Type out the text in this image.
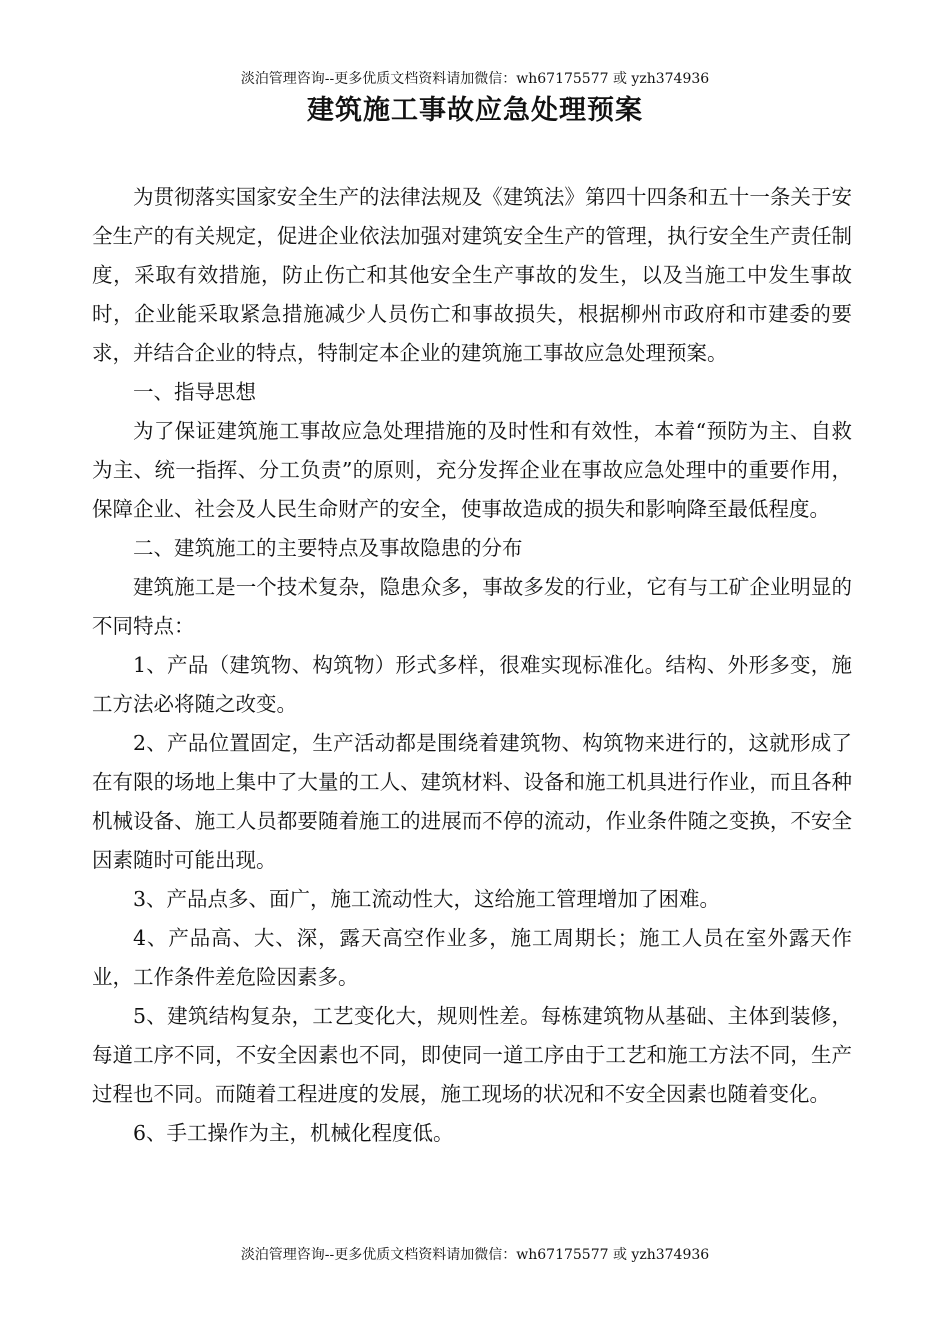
淡泊管理咨询--更多优质文档资料请加微信：wh67175577 或 yzh374936
建筑施工事故应急处理预案

为贯彻落实国家安全生产的法律法规及《建筑法》第四十四条和五十一条关于安全生产的有关规定，促进企业依法加强对建筑安全生产的管理，执行安全生产责任制度，采取有效措施，防止伤亡和其他安全生产事故的发生，以及当施工中发生事故时，企业能采取紧急措施减少人员伤亡和事故损失，根据柳州市政府和市建委的要求，并结合企业的特点，特制定本企业的建筑施工事故应急处理预案。

一、指导思想

为了保证建筑施工事故应急处理措施的及时性和有效性，本着“预防为主、自救为主、统一指挥、分工负责”的原则，充分发挥企业在事故应急处理中的重要作用，保障企业、社会及人民生命财产的安全，使事故造成的损失和影响降至最低程度。

二、建筑施工的主要特点及事故隐患的分布

建筑施工是一个技术复杂，隐患众多，事故多发的行业，它有与工矿企业明显的不同特点：

1、产品（建筑物、构筑物）形式多样，很难实现标准化。结构、外形多变，施工方法必将随之改变。

2、产品位置固定，生产活动都是围绕着建筑物、构筑物来进行的，这就形成了在有限的场地上集中了大量的工人、建筑材料、设备和施工机具进行作业，而且各种机械设备、施工人员都要随着施工的进展而不停的流动，作业条件随之变换，不安全因素随时可能出现。

3、产品点多、面广，施工流动性大，这给施工管理增加了困难。

4、产品高、大、深，露天高空作业多，施工周期长；施工人员在室外露天作业，工作条件差危险因素多。

5、建筑结构复杂，工艺变化大，规则性差。每栋建筑物从基础、主体到装修，每道工序不同，不安全因素也不同，即使同一道工序由于工艺和施工方法不同，生产过程也不同。而随着工程进度的发展，施工现场的状况和不安全因素也随着变化。

6、手工操作为主，机械化程度低。

淡泊管理咨询--更多优质文档资料请加微信：wh67175577 或 yzh374936
